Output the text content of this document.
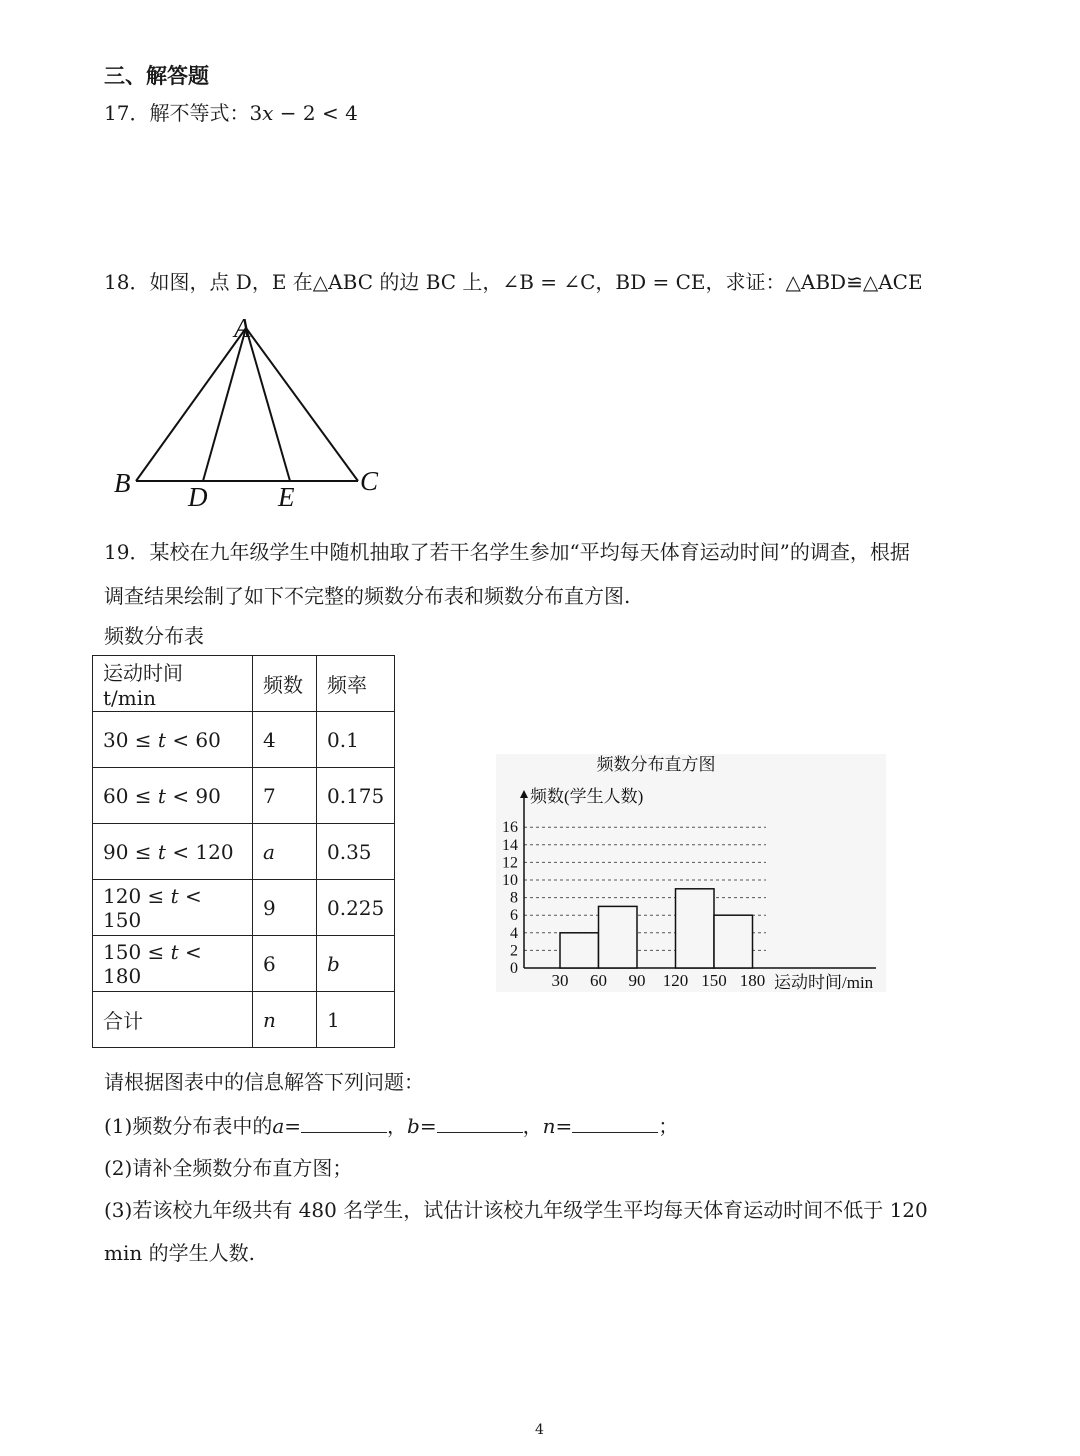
三、解答题
17．解不等式：3𝑥 − 2 < 4
18．如图，点 D，E 在△ABC 的边 BC 上，∠B = ∠C，BD = CE，求证：△ABD≌△ACE
A
B	C
D	E
19．某校在九年级学生中随机抽取了若干名学生参加“平均每天体育运动时间”的调查，根据
调查结果绘制了如下不完整的频数分布表和频数分布直方图.
频数分布表
运动时间 t/min	频数	频率
30 ≤ 𝑡 < 60	4	0.1
60 ≤ 𝑡 < 90	7	0.175
90 ≤ 𝑡 < 120	a	0.35
120 ≤ 𝑡 < 150	9	0.225
150 ≤ 𝑡 < 180	6	b
合计	n	1
频数分布直方图
频数(学生人数)
运动时间/min
0
2
4
6
8
10
12
14
16
30 60 90 120 150 180
请根据图表中的信息解答下列问题：
(1)频数分布表中的a=	，b=	，n=	；
(2)请补全频数分布直方图；
(3)若该校九年级共有 480 名学生，试估计该校九年级学生平均每天体育运动时间不低于 120
min 的学生人数.
4
